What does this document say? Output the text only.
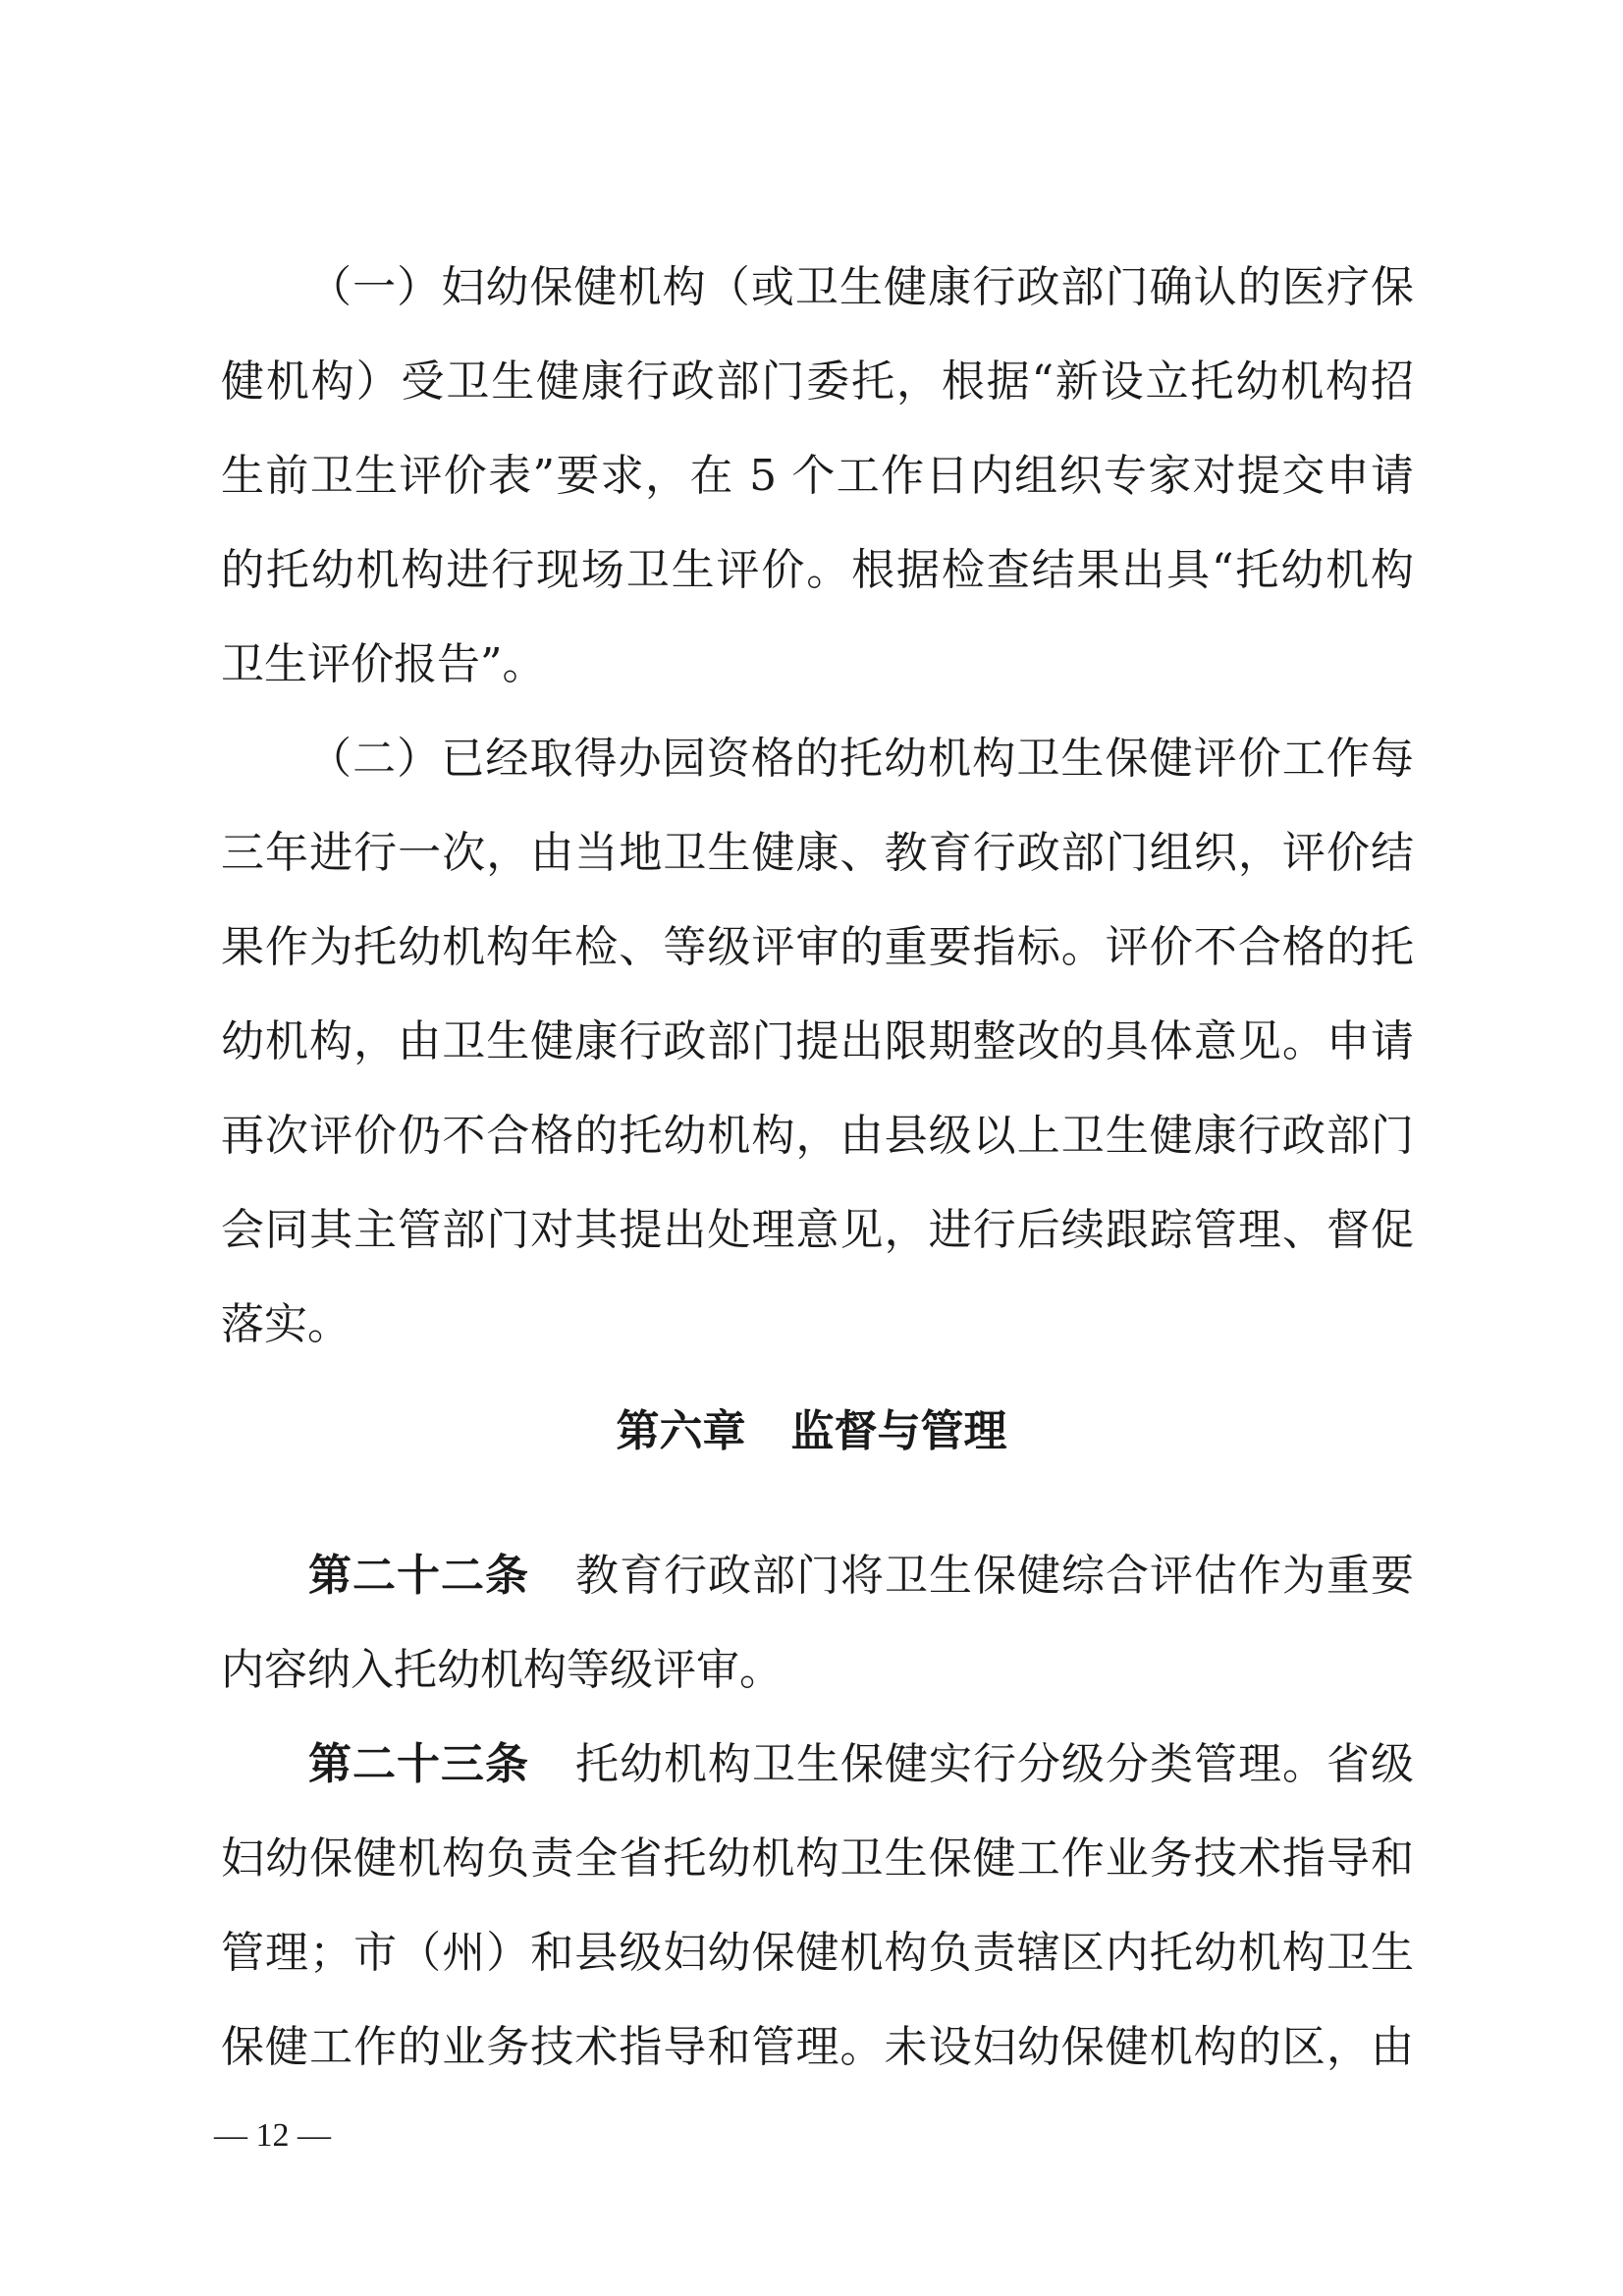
（一）妇幼保健机构（或卫生健康行政部门确认的医疗保
健机构）受卫生健康行政部门委托，根据“新设立托幼机构招
生前卫生评价表”要求，在 5 个工作日内组织专家对提交申请
的托幼机构进行现场卫生评价。根据检查结果出具“托幼机构
卫生评价报告”。
（二）已经取得办园资格的托幼机构卫生保健评价工作每
三年进行一次，由当地卫生健康、教育行政部门组织，评价结
果作为托幼机构年检、等级评审的重要指标。评价不合格的托
幼机构，由卫生健康行政部门提出限期整改的具体意见。申请
再次评价仍不合格的托幼机构，由县级以上卫生健康行政部门
会同其主管部门对其提出处理意见，进行后续跟踪管理、督促
落实。
第六章 监督与管理
第二十二条 教育行政部门将卫生保健综合评估作为重要
内容纳入托幼机构等级评审。
第二十三条 托幼机构卫生保健实行分级分类管理。省级
妇幼保健机构负责全省托幼机构卫生保健工作业务技术指导和
管理；市（州）和县级妇幼保健机构负责辖区内托幼机构卫生
保健工作的业务技术指导和管理。未设妇幼保健机构的区，由
— 12 —
